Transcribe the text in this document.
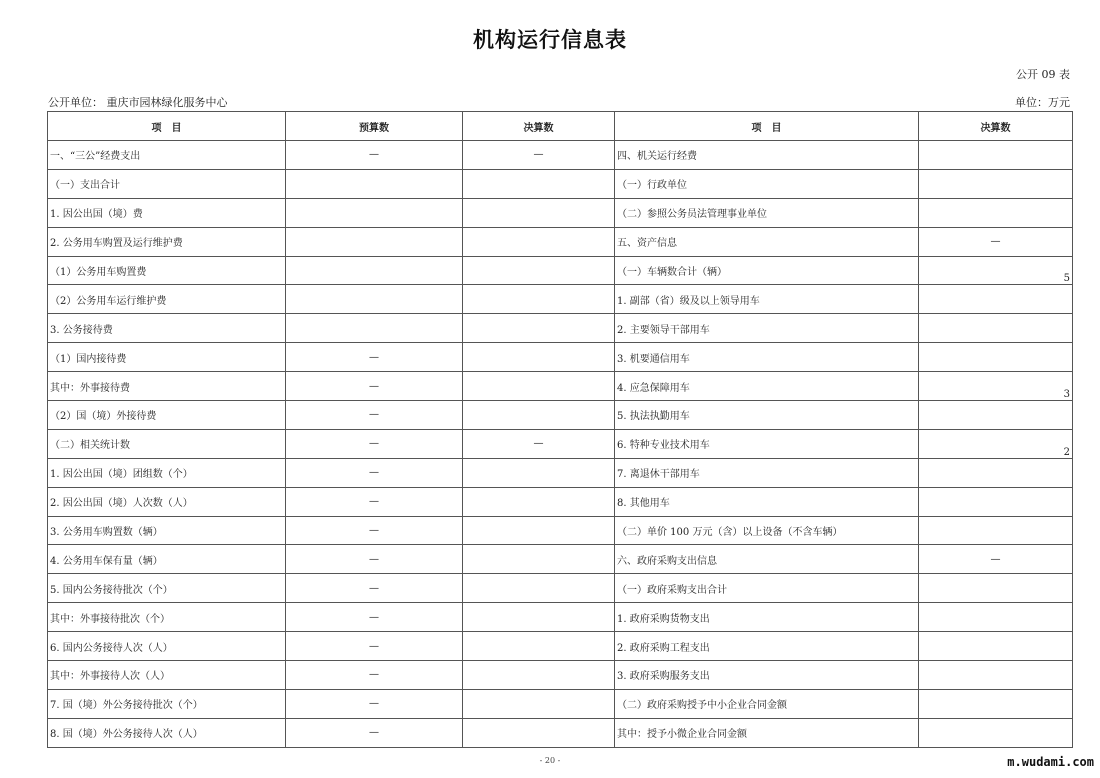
机构运行信息表
公开 09 表
公开单位： 重庆市园林绿化服务中心	单位：万元
项　目	预算数	决算数	项　目	决算数
一、“三公”经费支出	—	—	四、机关运行经费	
（一）支出合计			（一）行政单位	
1. 因公出国（境）费			（二）参照公务员法管理事业单位	
2. 公务用车购置及运行维护费			五、资产信息	—
（1）公务用车购置费			（一）车辆数合计（辆）	5
（2）公务用车运行维护费			1. 副部（省）级及以上领导用车	
3. 公务接待费			2. 主要领导干部用车	
（1）国内接待费	—		3. 机要通信用车	
其中：外事接待费	—		4. 应急保障用车	3
（2）国（境）外接待费	—		5. 执法执勤用车	
（二）相关统计数	—	—	6. 特种专业技术用车	2
1. 因公出国（境）团组数（个）	—		7. 离退休干部用车	
2. 因公出国（境）人次数（人）	—		8. 其他用车	
3. 公务用车购置数（辆）	—		（二）单价 100 万元（含）以上设备（不含车辆）	
4. 公务用车保有量（辆）	—		六、政府采购支出信息	—
5. 国内公务接待批次（个）	—		（一）政府采购支出合计	
其中：外事接待批次（个）	—		1. 政府采购货物支出	
6. 国内公务接待人次（人）	—		2. 政府采购工程支出	
其中：外事接待人次（人）	—		3. 政府采购服务支出	
7. 国（境）外公务接待批次（个）	—		（二）政府采购授予中小企业合同金额	
8. 国（境）外公务接待人次（人）	—		其中：授予小微企业合同金额	
- 20 -	m.wudami.com
